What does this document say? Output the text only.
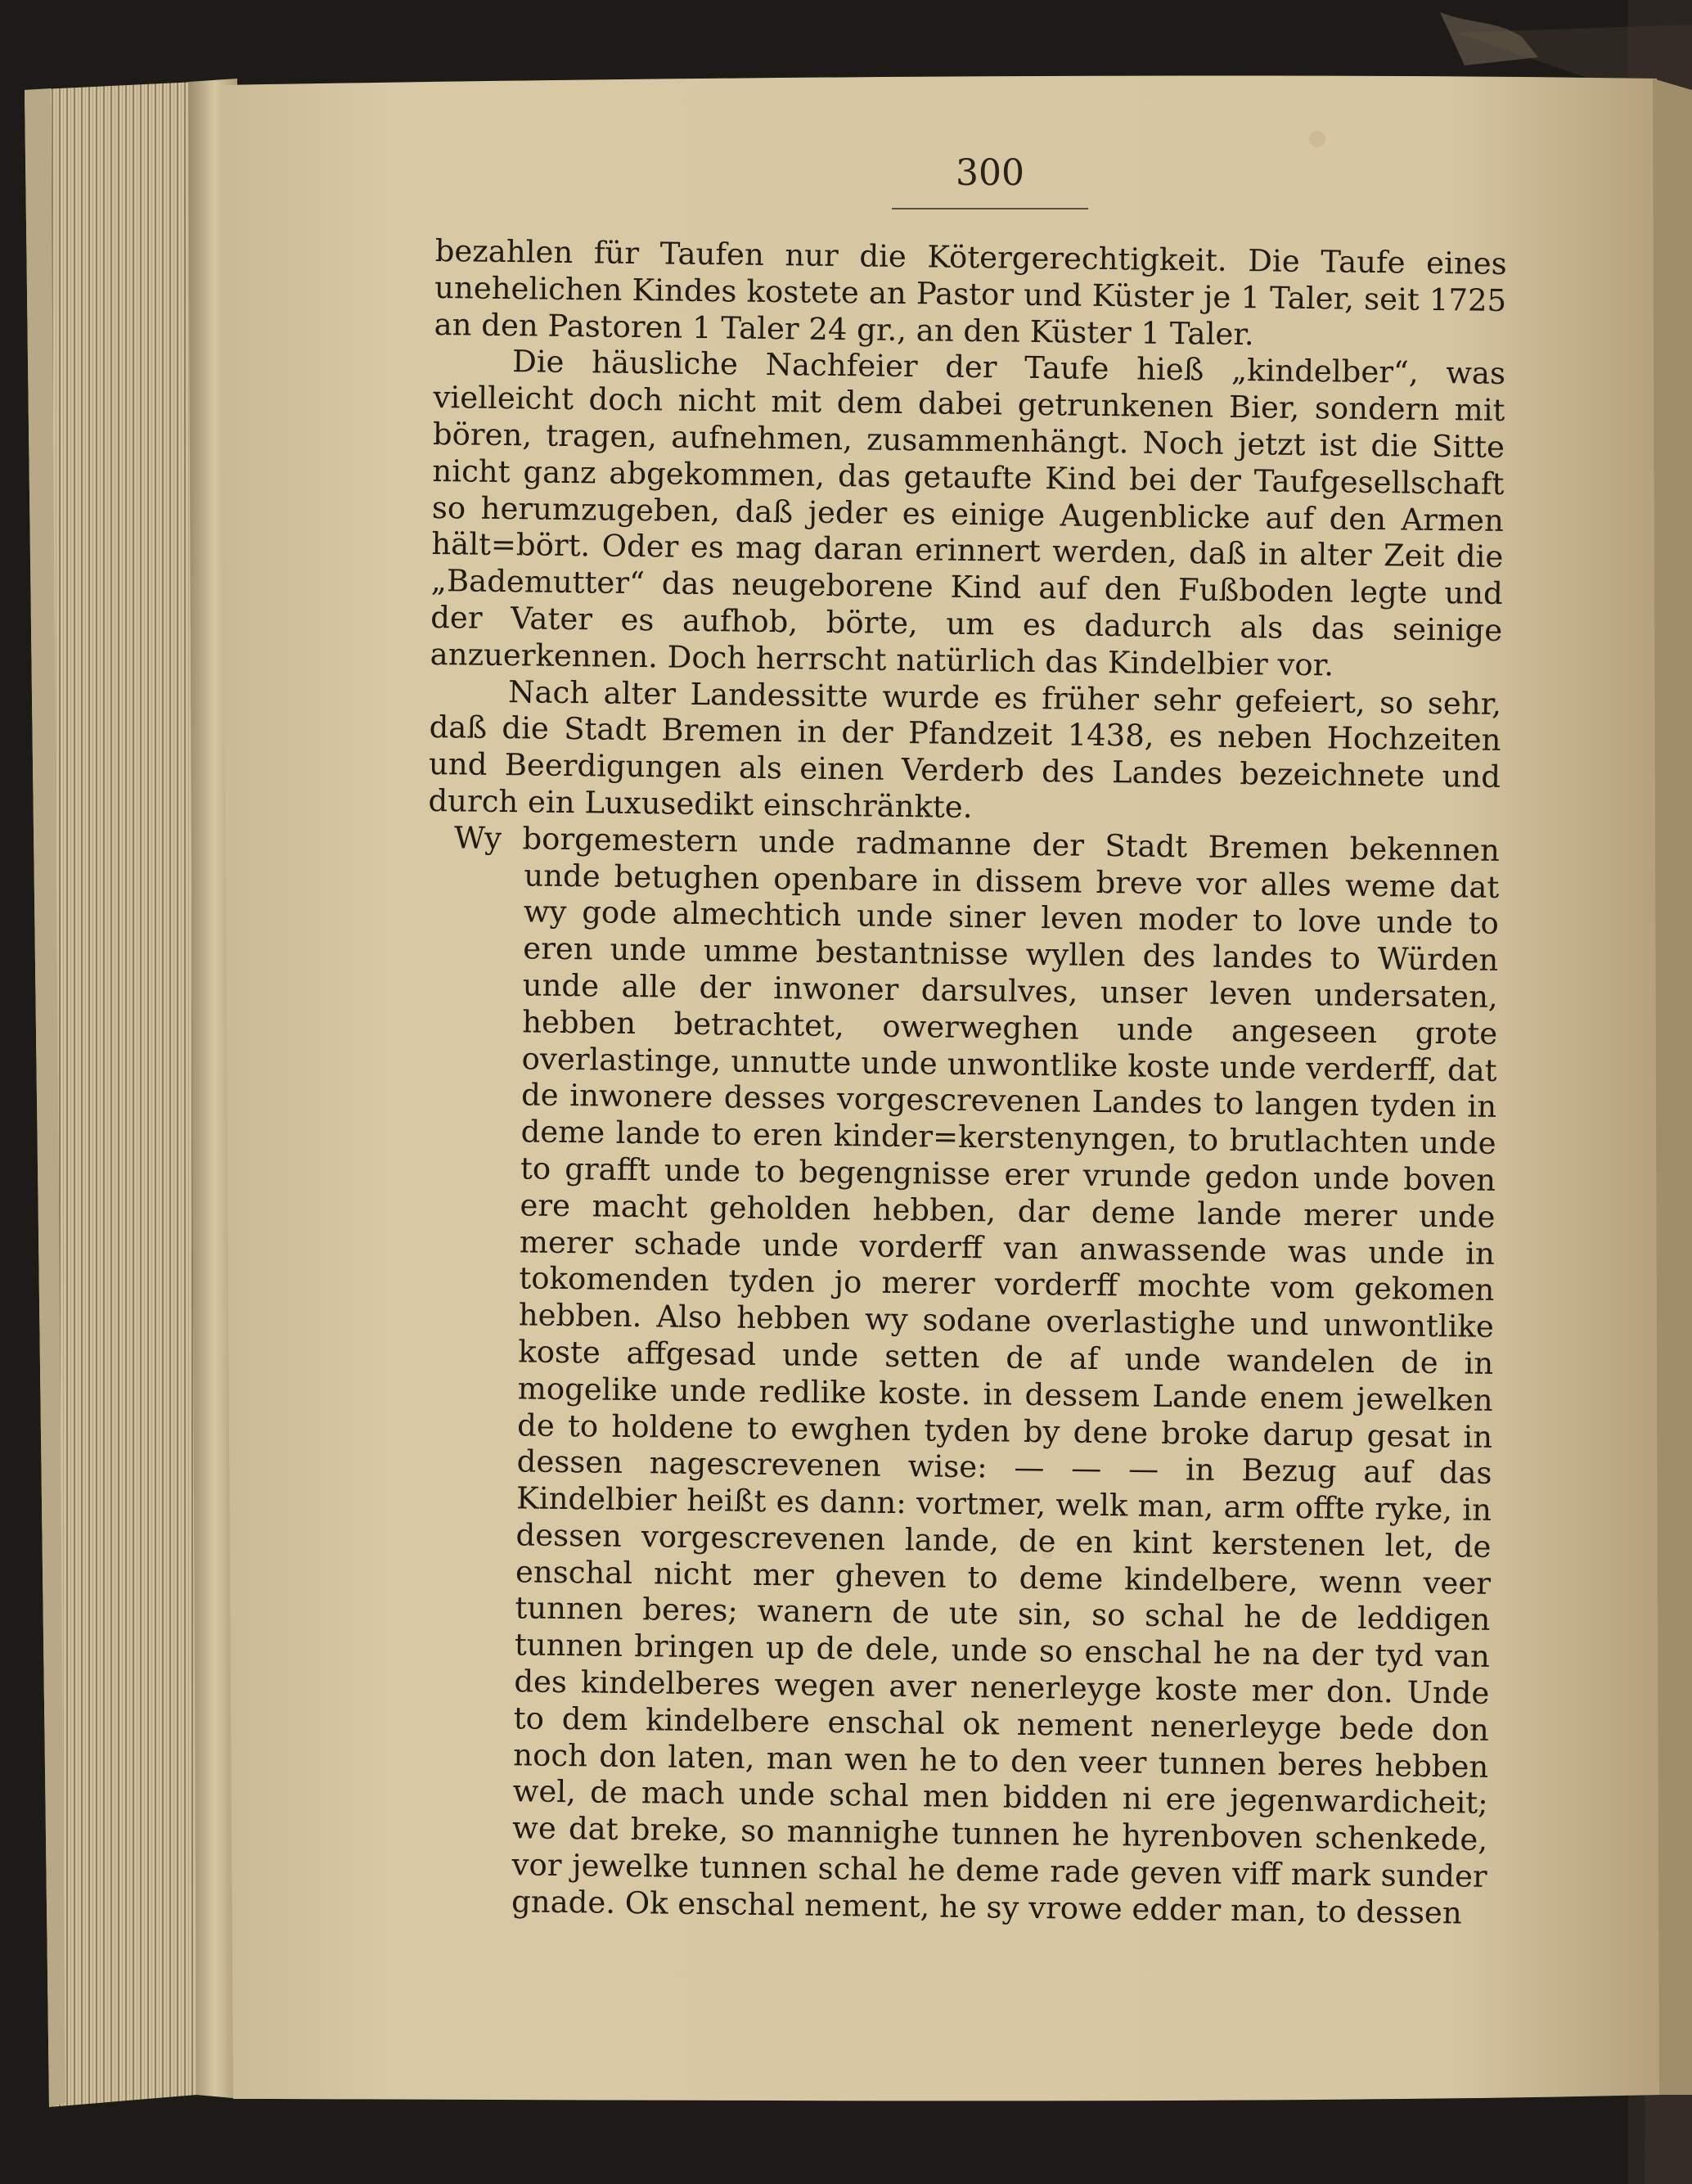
300

bezahlen für Taufen nur die Kötergerechtigkeit. Die Taufe eines unehelichen Kindes kostete an Pastor und Küster je 1 Taler, seit 1725 an den Pastoren 1 Taler 24 gr., an den Küster 1 Taler.

Die häusliche Nachfeier der Taufe hieß „kindelber“, was vielleicht doch nicht mit dem dabei getrunkenen Bier, sondern mit bören, tragen, aufnehmen, zusammenhängt. Noch jetzt ist die Sitte nicht ganz abgekommen, das getaufte Kind bei der Taufgesellschaft so herumzugeben, daß jeder es einige Augenblicke auf den Armen hält=bört. Oder es mag daran erinnert werden, daß in alter Zeit die „Bademutter“ das neugeborene Kind auf den Fußboden legte und der Vater es aufhob, börte, um es dadurch als das seinige anzuerkennen. Doch herrscht natürlich das Kindelbier vor.

Nach alter Landessitte wurde es früher sehr gefeiert, so sehr, daß die Stadt Bremen in der Pfandzeit 1438, es neben Hochzeiten und Beerdigungen als einen Verderb des Landes bezeichnete und durch ein Luxusedikt einschränkte.

Wy borgemestern unde radmanne der Stadt Bremen bekennen unde betughen openbare in dissem breve vor alles weme dat wy gode almechtich unde siner leven moder to love unde to eren unde umme bestantnisse wyllen des landes to Würden unde alle der inwoner darsulves, unser leven undersaten, hebben betrachtet, owerweghen unde angeseen grote overlastinge, unnutte unde unwontlike koste unde verderff, dat de inwonere desses vorgescrevenen Landes to langen tyden in deme lande to eren kinder=kerstenyngen, to brutlachten unde to grafft unde to begengnisse erer vrunde gedon unde boven ere macht geholden hebben, dar deme lande merer unde merer schade unde vorderff van anwassende was unde in tokomenden tyden jo merer vorderff mochte vom gekomen hebben. Also hebben wy sodane overlastighe und unwontlike koste affgesad unde setten de af unde wandelen de in mogelike unde redlike koste. in dessem Lande enem jewelken de to holdene to ewghen tyden by dene broke darup gesat in dessen nagescrevenen wise: — — — in Bezug auf das Kindelbier heißt es dann: vortmer, welk man, arm offte ryke, in dessen vorgescrevenen lande, de en kint kerstenen let, de enschal nicht mer gheven to deme kindelbere, wenn veer tunnen beres; wanern de ute sin, so schal he de leddigen tunnen bringen up de dele, unde so enschal he na der tyd van des kindelberes wegen aver nenerleyge koste mer don. Unde to dem kindelbere enschal ok nement nenerleyge bede don noch don laten, man wen he to den veer tunnen beres hebben wel, de mach unde schal men bidden ni ere jegenwardicheit; we dat breke, so mannighe tunnen he hyrenboven schenkede, vor jewelke tunnen schal he deme rade geven viff mark sunder gnade. Ok enschal nement, he sy vrowe edder man, to dessen
